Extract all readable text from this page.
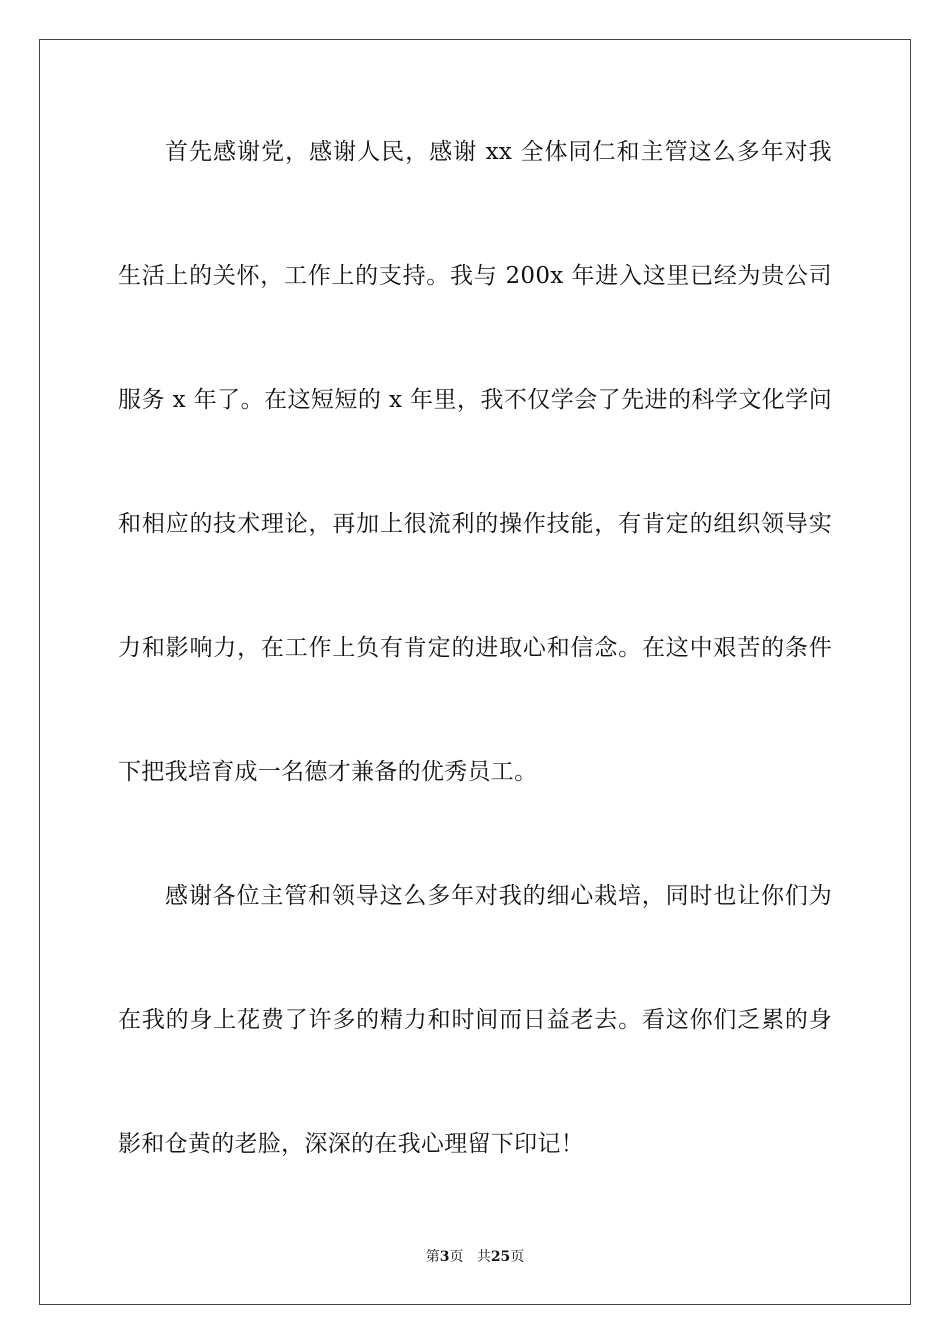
首先感谢党，感谢人民，感谢 xx 全体同仁和主管这么多年对我
生活上的关怀，工作上的支持。我与 200x 年进入这里已经为贵公司
服务 x 年了。在这短短的 x 年里，我不仅学会了先进的科学文化学问
和相应的技术理论，再加上很流利的操作技能，有肯定的组织领导实
力和影响力，在工作上负有肯定的进取心和信念。在这中艰苦的条件
下把我培育成一名德才兼备的优秀员工。
感谢各位主管和领导这么多年对我的细心栽培，同时也让你们为
在我的身上花费了许多的精力和时间而日益老去。看这你们乏累的身
影和仓黄的老脸，深深的在我心理留下印记！
第3页 共25页
